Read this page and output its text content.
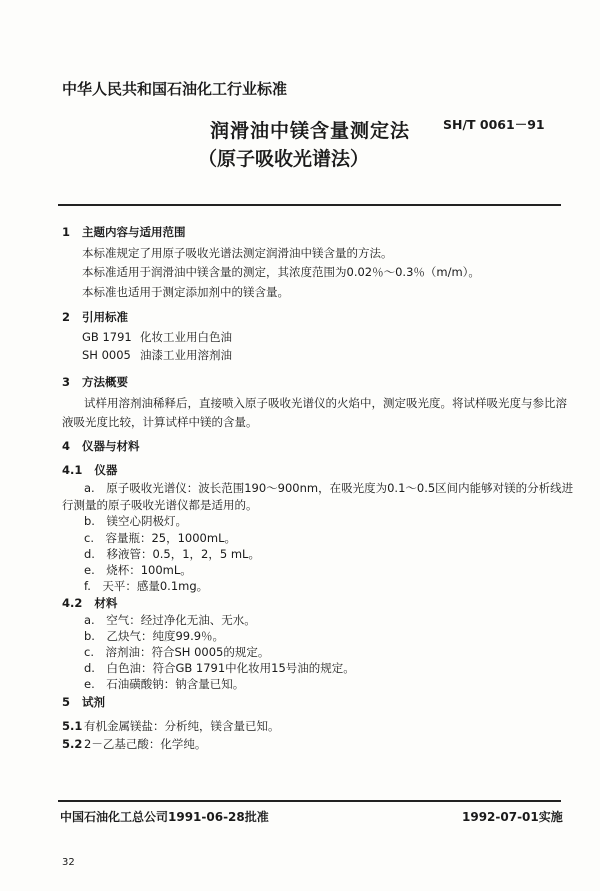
中华人民共和国石油化工行业标准
SH/T 0061－91
润滑油中镁含量测定法
（原子吸收光谱法）
1 主题内容与适用范围
本标准规定了用原子吸收光谱法测定润滑油中镁含量的方法。
本标准适用于润滑油中镁含量的测定，其浓度范围为0.02％～0.3％（m/m）。
本标准也适用于测定添加剂中的镁含量。
2 引用标准
GB 1791 化妆工业用白色油
SH 0005 油漆工业用溶剂油
3 方法概要
试样用溶剂油稀释后，直接喷入原子吸收光谱仪的火焰中，测定吸光度。将试样吸光度与参比溶
液吸光度比较，计算试样中镁的含量。
4 仪器与材料
4.1 仪器
a.　原子吸收光谱仪：波长范围190～900nm，在吸光度为0.1～0.5区间内能够对镁的分析线进
行测量的原子吸收光谱仪都是适用的。
b.　镁空心阴极灯。
c.　容量瓶：25，1000mL。
d.　移液管：0.5，1，2，5 mL。
e.　烧杯：100mL。
f.　天平：感量0.1mg。
4.2 材料
a.　空气：经过净化无油、无水。
b.　乙炔气：纯度99.9％。
c.　溶剂油：符合SH 0005的规定。
d.　白色油：符合GB 1791中化妆用15号油的规定。
e.　石油磺酸钠：钠含量已知。
5 试剂
5.1 有机金属镁盐：分析纯，镁含量已知。
5.2 2－乙基己酸：化学纯。
中国石油化工总公司1991-06-28批准	1992-07-01实施
32
